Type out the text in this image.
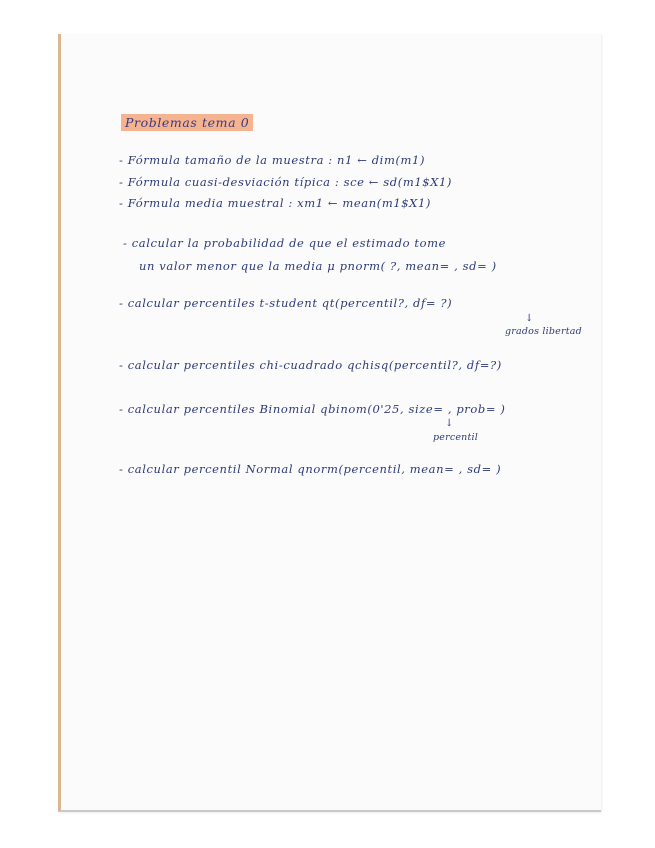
Problemas tema 0
- Fórmula tamaño de la muestra : n1 ← dim(m1)
- Fórmula cuasi-desviación típica : sce ← sd(m1$X1)
- Fórmula media muestral : xm1 ← mean(m1$X1)
- calcular la probabilidad de que el estimado tome
un valor menor que la media μ pnorm( ?, mean= , sd= )
- calcular percentiles t-student qt(percentil?, df= ?)
↓
grados libertad
- calcular percentiles chi-cuadrado qchisq(percentil?, df=?)
- calcular percentiles Binomial qbinom(0'25, size= , prob= )
↓
percentil
- calcular percentil Normal qnorm(percentil, mean= , sd= )
